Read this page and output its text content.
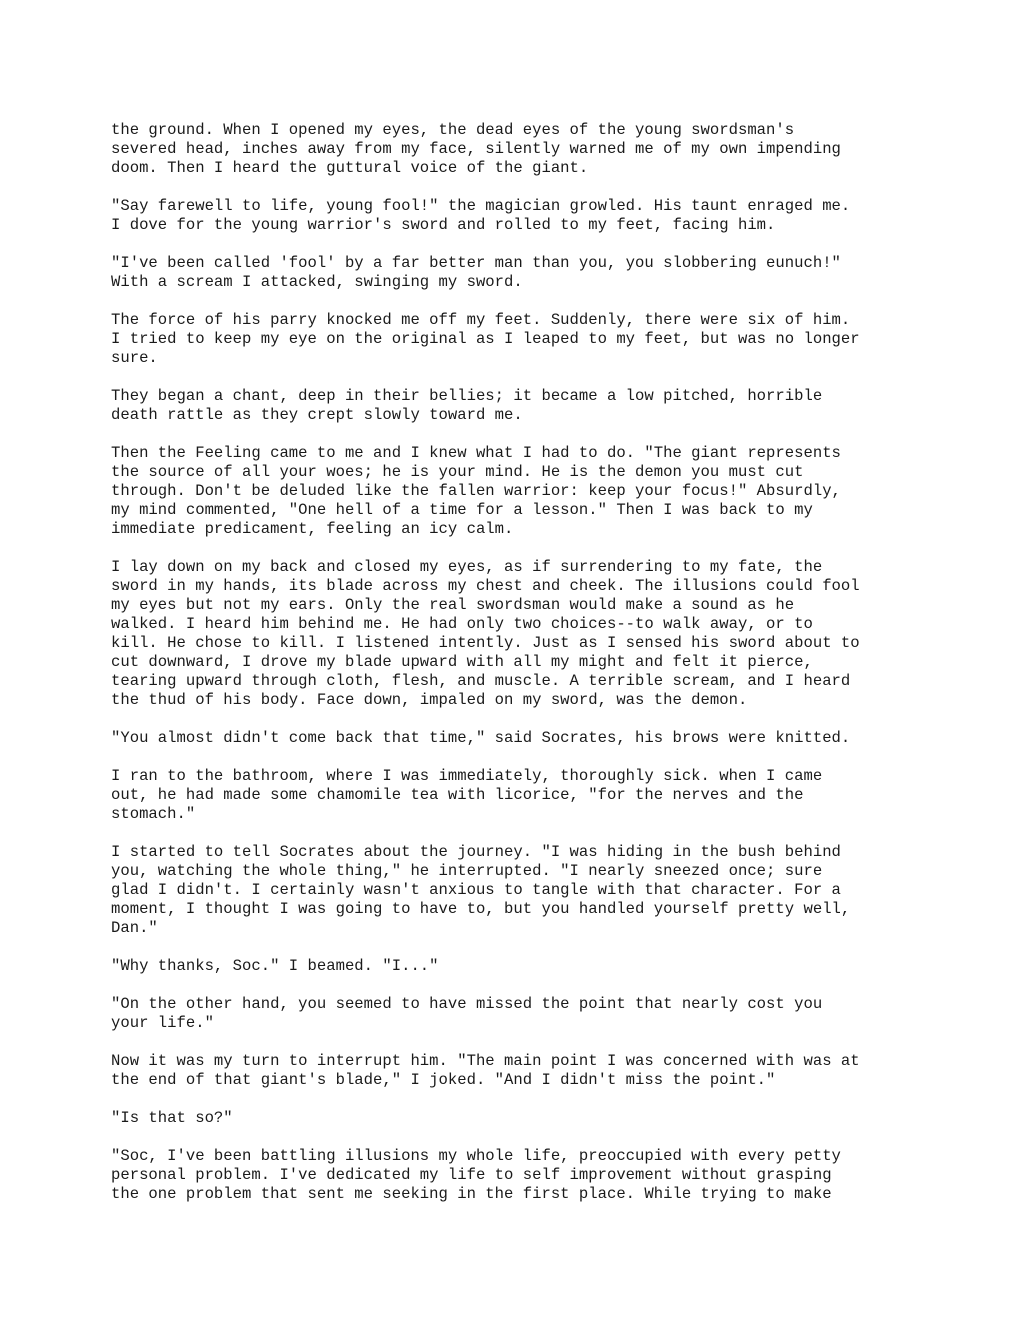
the ground. When I opened my eyes, the dead eyes of the young swordsman's
severed head, inches away from my face, silently warned me of my own impending
doom. Then I heard the guttural voice of the giant.

"Say farewell to life, young fool!" the magician growled. His taunt enraged me.
I dove for the young warrior's sword and rolled to my feet, facing him.

"I've been called 'fool' by a far better man than you, you slobbering eunuch!"
With a scream I attacked, swinging my sword.

The force of his parry knocked me off my feet. Suddenly, there were six of him.
I tried to keep my eye on the original as I leaped to my feet, but was no longer
sure.

They began a chant, deep in their bellies; it became a low pitched, horrible
death rattle as they crept slowly toward me.

Then the Feeling came to me and I knew what I had to do. "The giant represents
the source of all your woes; he is your mind. He is the demon you must cut
through. Don't be deluded like the fallen warrior: keep your focus!" Absurdly,
my mind commented, "One hell of a time for a lesson." Then I was back to my
immediate predicament, feeling an icy calm.

I lay down on my back and closed my eyes, as if surrendering to my fate, the
sword in my hands, its blade across my chest and cheek. The illusions could fool
my eyes but not my ears. Only the real swordsman would make a sound as he
walked. I heard him behind me. He had only two choices--to walk away, or to
kill. He chose to kill. I listened intently. Just as I sensed his sword about to
cut downward, I drove my blade upward with all my might and felt it pierce,
tearing upward through cloth, flesh, and muscle. A terrible scream, and I heard
the thud of his body. Face down, impaled on my sword, was the demon.

"You almost didn't come back that time," said Socrates, his brows were knitted.

I ran to the bathroom, where I was immediately, thoroughly sick. when I came
out, he had made some chamomile tea with licorice, "for the nerves and the
stomach."

I started to tell Socrates about the journey. "I was hiding in the bush behind
you, watching the whole thing," he interrupted. "I nearly sneezed once; sure
glad I didn't. I certainly wasn't anxious to tangle with that character. For a
moment, I thought I was going to have to, but you handled yourself pretty well,
Dan."

"Why thanks, Soc." I beamed. "I..."

"On the other hand, you seemed to have missed the point that nearly cost you
your life."

Now it was my turn to interrupt him. "The main point I was concerned with was at
the end of that giant's blade," I joked. "And I didn't miss the point."

"Is that so?"

"Soc, I've been battling illusions my whole life, preoccupied with every petty
personal problem. I've dedicated my life to self improvement without grasping
the one problem that sent me seeking in the first place. While trying to make
